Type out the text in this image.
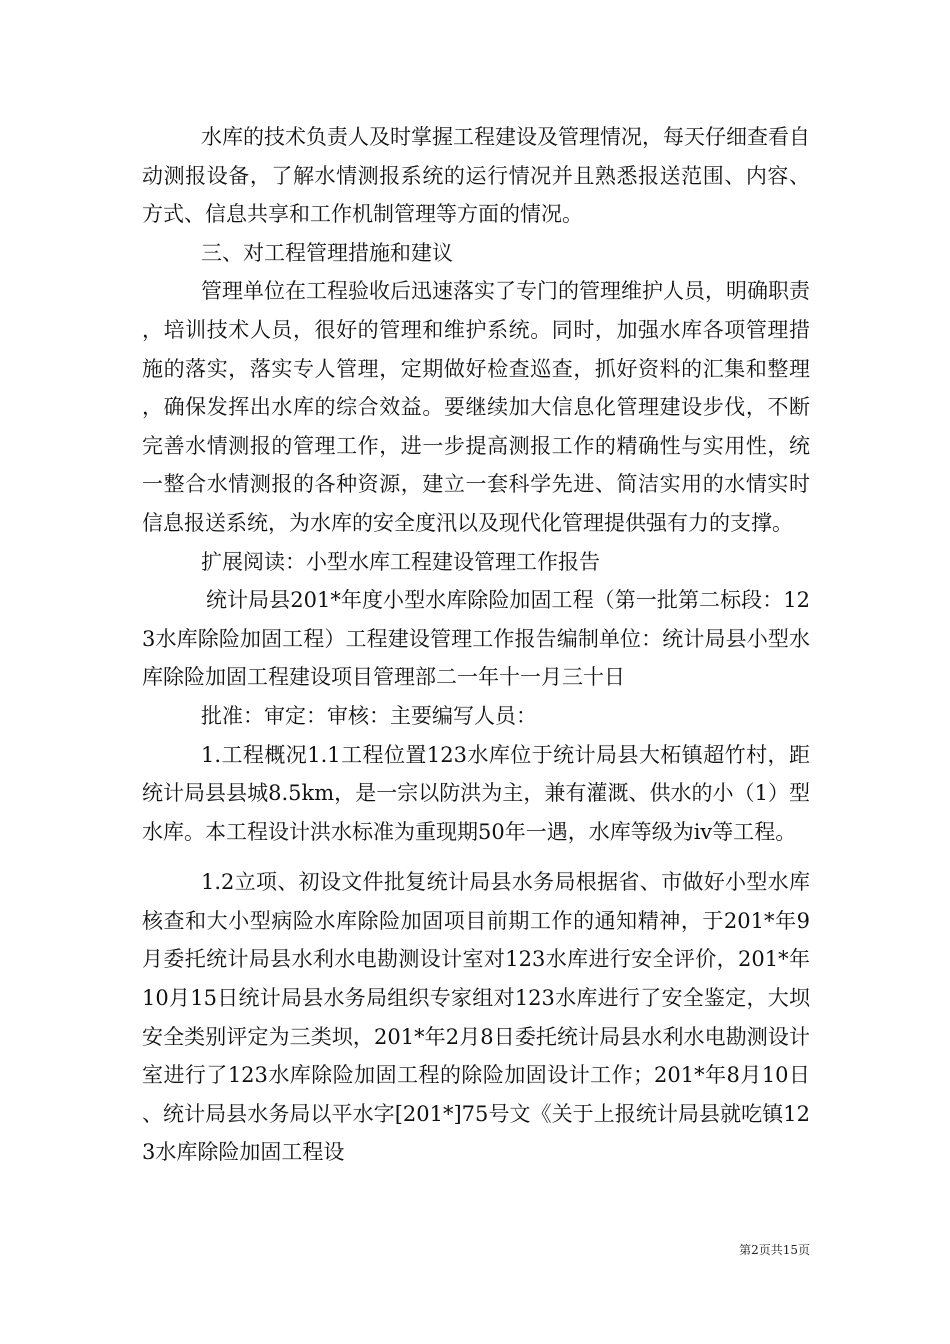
水库的技术负责人及时掌握工程建设及管理情况，每天仔细查看自动测报设备，了解水情测报系统的运行情况并且熟悉报送范围、内容、方式、信息共享和工作机制管理等方面的情况。

三、对工程管理措施和建议

管理单位在工程验收后迅速落实了专门的管理维护人员，明确职责，培训技术人员，很好的管理和维护系统。同时，加强水库各项管理措施的落实，落实专人管理，定期做好检查巡查，抓好资料的汇集和整理，确保发挥出水库的综合效益。要继续加大信息化管理建设步伐，不断完善水情测报的管理工作，进一步提高测报工作的精确性与实用性，统一整合水情测报的各种资源，建立一套科学先进、简洁实用的水情实时信息报送系统，为水库的安全度汛以及现代化管理提供强有力的支撑。

扩展阅读：小型水库工程建设管理工作报告

统计局县201*年度小型水库除险加固工程（第一批第二标段：123水库除险加固工程）工程建设管理工作报告编制单位：统计局县小型水库除险加固工程建设项目管理部二一年十一月三十日

批准：审定：审核：主要编写人员：

1.工程概况1.1工程位置123水库位于统计局县大柘镇超竹村，距统计局县县城8.5km，是一宗以防洪为主，兼有灌溉、供水的小（1）型水库。本工程设计洪水标准为重现期50年一遇，水库等级为iv等工程。

1.2立项、初设文件批复统计局县水务局根据省、市做好小型水库核查和大小型病险水库除险加固项目前期工作的通知精神，于201*年9月委托统计局县水利水电勘测设计室对123水库进行安全评价，201*年10月15日统计局县水务局组织专家组对123水库进行了安全鉴定，大坝安全类别评定为三类坝，201*年2月8日委托统计局县水利水电勘测设计室进行了123水库除险加固工程的除险加固设计工作；201*年8月10日、统计局县水务局以平水字[201*]75号文《关于上报统计局县就吃镇123水库除险加固工程设

第2页共15页
